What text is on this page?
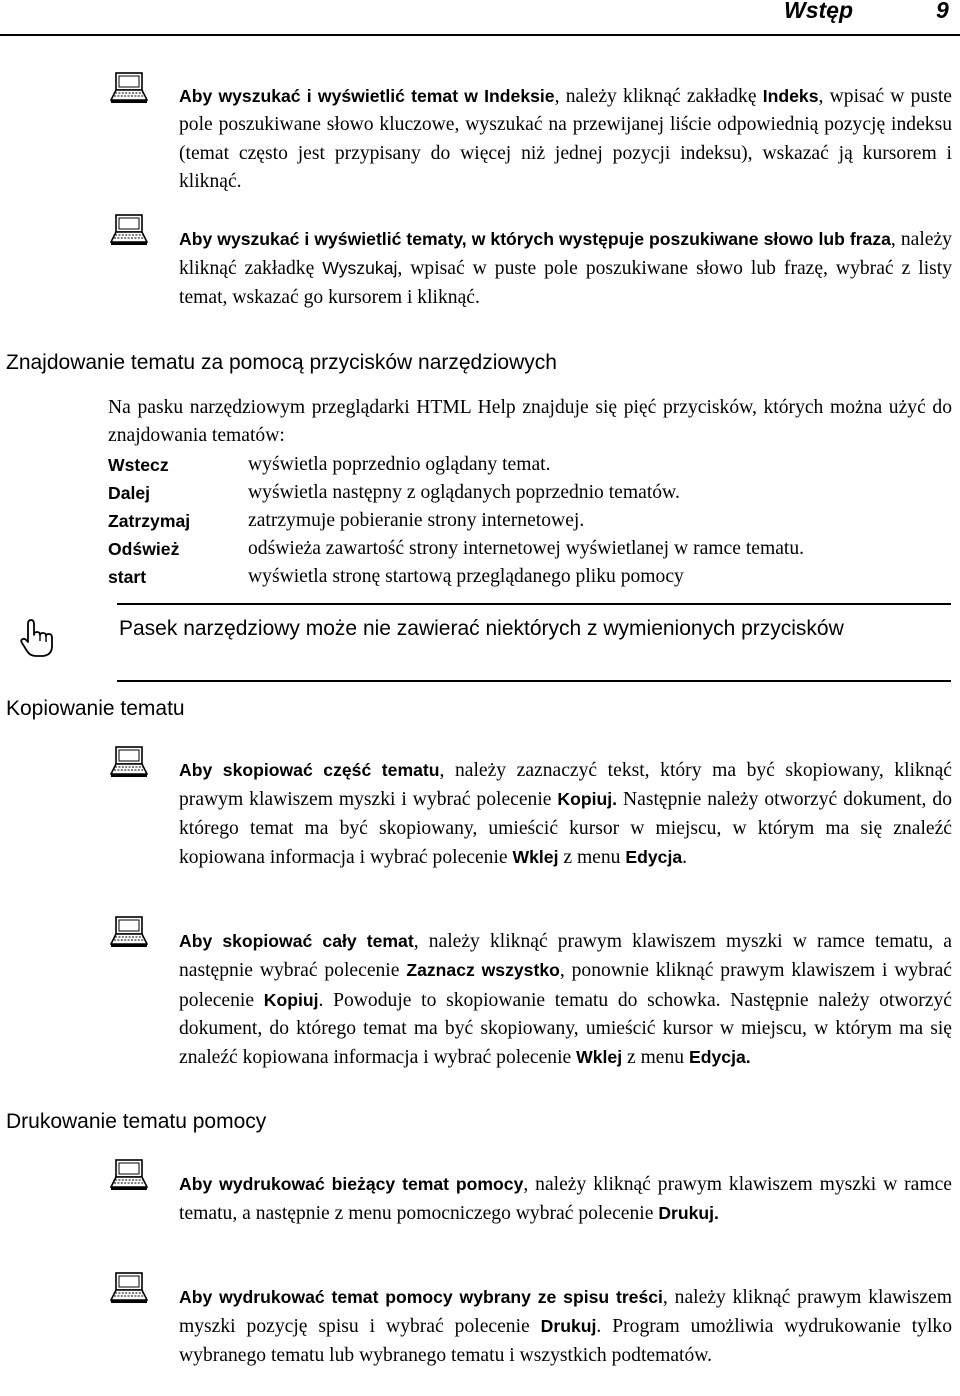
Wstęp	9
Aby wyszukać i wyświetlić temat w Indeksie, należy kliknąć zakładkę Indeks, wpisać w puste pole poszukiwane słowo kluczowe, wyszukać na przewijanej liście odpowiednią pozycję indeksu (temat często jest przypisany do więcej niż jednej pozycji indeksu), wskazać ją kursorem i kliknąć.
Aby wyszukać i wyświetlić tematy, w których występuje poszukiwane słowo lub fraza, należy kliknąć zakładkę Wyszukaj, wpisać w puste pole poszukiwane słowo lub frazę, wybrać z listy temat, wskazać go kursorem i kliknąć.
Znajdowanie tematu za pomocą przycisków narzędziowych
Na pasku narzędziowym przeglądarki HTML Help znajduje się pięć przycisków, których można użyć do znajdowania tematów:
Wstecz	wyświetla poprzednio oglądany temat.
Dalej	wyświetla następny z oglądanych poprzednio tematów.
Zatrzymaj	zatrzymuje pobieranie strony internetowej.
Odśwież	odświeża zawartość strony internetowej wyświetlanej w ramce tematu.
start	wyświetla stronę startową przeglądanego pliku pomocy
Pasek narzędziowy może nie zawierać niektórych z wymienionych przycisków
Kopiowanie tematu
Aby skopiować część tematu, należy zaznaczyć tekst, który ma być skopiowany, kliknąć prawym klawiszem myszki i wybrać polecenie Kopiuj. Następnie należy otworzyć dokument, do którego temat ma być skopiowany, umieścić kursor w miejscu, w którym ma się znaleźć kopiowana informacja i wybrać polecenie Wklej z menu Edycja.
Aby skopiować cały temat, należy kliknąć prawym klawiszem myszki w ramce tematu, a następnie wybrać polecenie Zaznacz wszystko, ponownie kliknąć prawym klawiszem i wybrać polecenie Kopiuj. Powoduje to skopiowanie tematu do schowka. Następnie należy otworzyć dokument, do którego temat ma być skopiowany, umieścić kursor w miejscu, w którym ma się znaleźć kopiowana informacja i wybrać polecenie Wklej z menu Edycja.
Drukowanie tematu pomocy
Aby wydrukować bieżący temat pomocy, należy kliknąć prawym klawiszem myszki w ramce tematu, a następnie z menu pomocniczego wybrać polecenie Drukuj.
Aby wydrukować temat pomocy wybrany ze spisu treści, należy kliknąć prawym klawiszem myszki pozycję spisu i wybrać polecenie Drukuj. Program umożliwia wydrukowanie tylko wybranego tematu lub wybranego tematu i wszystkich podtematów.
